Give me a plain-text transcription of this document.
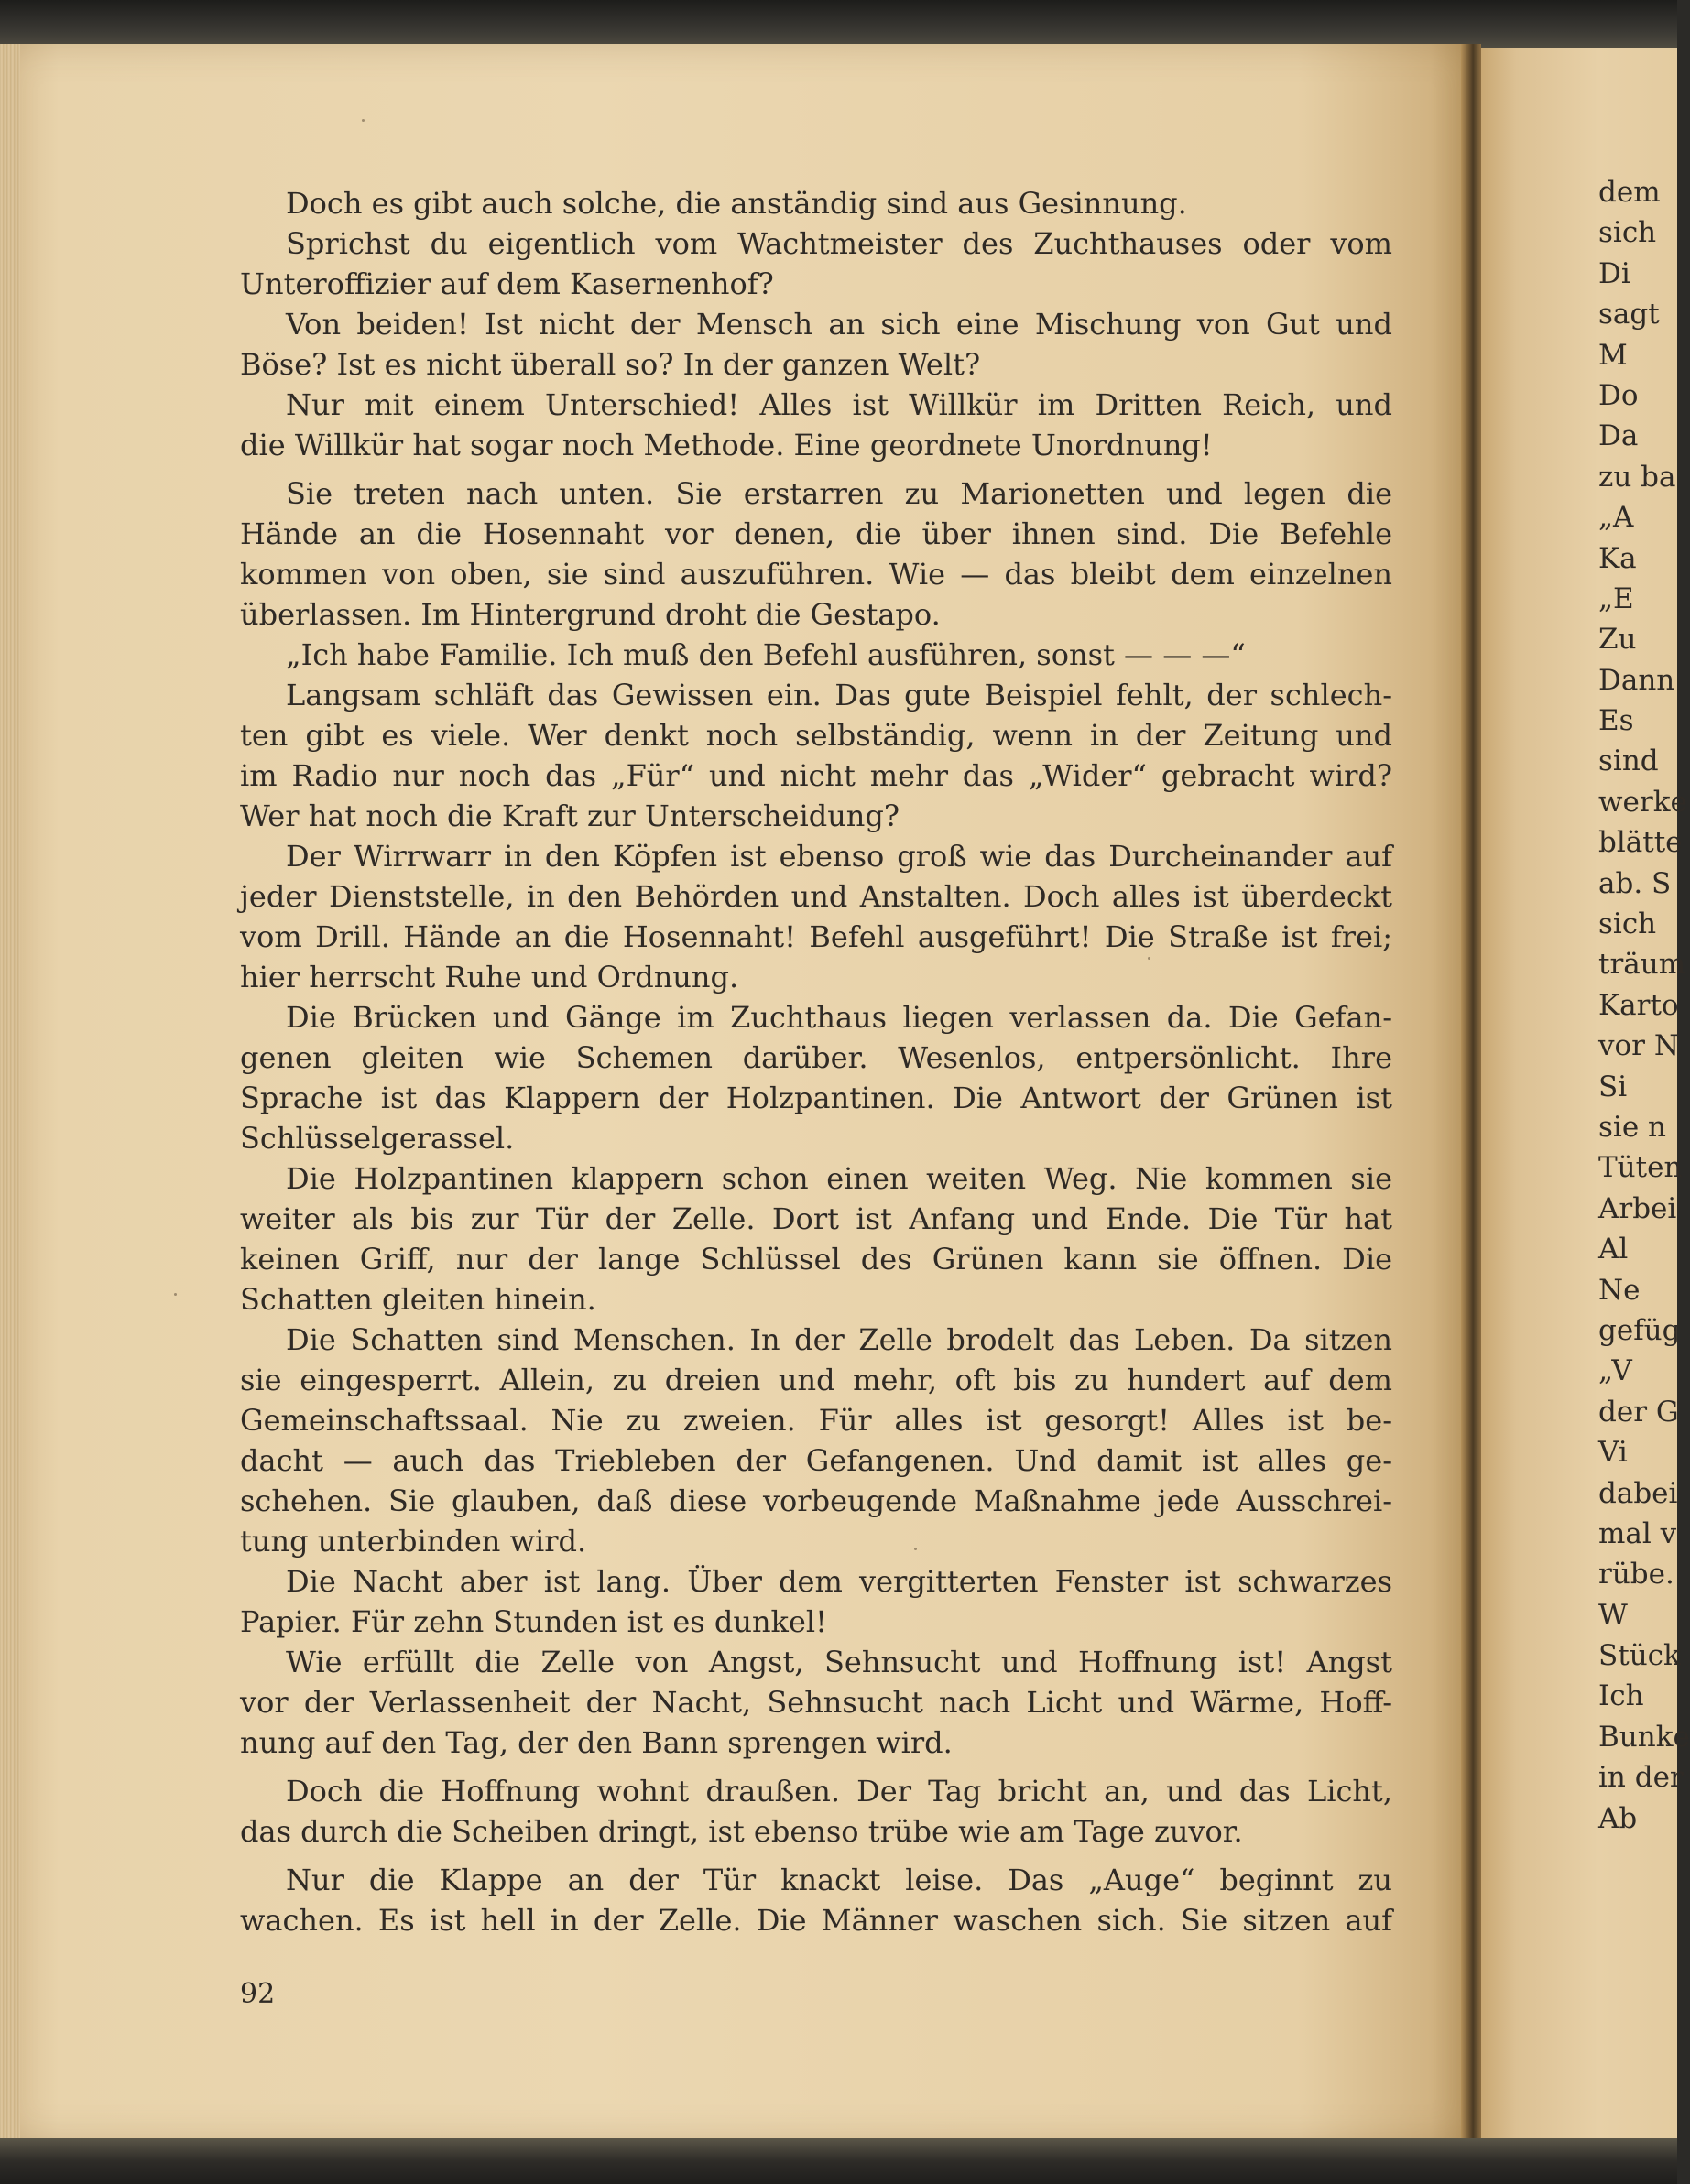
Doch es gibt auch solche, die anständig sind aus Gesinnung.
Sprichst du eigentlich vom Wachtmeister des Zuchthauses oder vom
Unteroffizier auf dem Kasernenhof?
Von beiden! Ist nicht der Mensch an sich eine Mischung von Gut und
Böse? Ist es nicht überall so? In der ganzen Welt?
Nur mit einem Unterschied! Alles ist Willkür im Dritten Reich, und
die Willkür hat sogar noch Methode. Eine geordnete Unordnung!
Sie treten nach unten. Sie erstarren zu Marionetten und legen die
Hände an die Hosennaht vor denen, die über ihnen sind. Die Befehle
kommen von oben, sie sind auszuführen. Wie — das bleibt dem einzelnen
überlassen. Im Hintergrund droht die Gestapo.
„Ich habe Familie. Ich muß den Befehl ausführen, sonst — — —“
Langsam schläft das Gewissen ein. Das gute Beispiel fehlt, der schlech-
ten gibt es viele. Wer denkt noch selbständig, wenn in der Zeitung und
im Radio nur noch das „Für“ und nicht mehr das „Wider“ gebracht wird?
Wer hat noch die Kraft zur Unterscheidung?
Der Wirrwarr in den Köpfen ist ebenso groß wie das Durcheinander auf
jeder Dienststelle, in den Behörden und Anstalten. Doch alles ist überdeckt
vom Drill. Hände an die Hosennaht! Befehl ausgeführt! Die Straße ist frei;
hier herrscht Ruhe und Ordnung.
Die Brücken und Gänge im Zuchthaus liegen verlassen da. Die Gefan-
genen gleiten wie Schemen darüber. Wesenlos, entpersönlicht. Ihre
Sprache ist das Klappern der Holzpantinen. Die Antwort der Grünen ist
Schlüsselgerassel.
Die Holzpantinen klappern schon einen weiten Weg. Nie kommen sie
weiter als bis zur Tür der Zelle. Dort ist Anfang und Ende. Die Tür hat
keinen Griff, nur der lange Schlüssel des Grünen kann sie öffnen. Die
Schatten gleiten hinein.
Die Schatten sind Menschen. In der Zelle brodelt das Leben. Da sitzen
sie eingesperrt. Allein, zu dreien und mehr, oft bis zu hundert auf dem
Gemeinschaftssaal. Nie zu zweien. Für alles ist gesorgt! Alles ist be-
dacht — auch das Triebleben der Gefangenen. Und damit ist alles ge-
schehen. Sie glauben, daß diese vorbeugende Maßnahme jede Ausschrei-
tung unterbinden wird.
Die Nacht aber ist lang. Über dem vergitterten Fenster ist schwarzes
Papier. Für zehn Stunden ist es dunkel!
Wie erfüllt die Zelle von Angst, Sehnsucht und Hoffnung ist! Angst
vor der Verlassenheit der Nacht, Sehnsucht nach Licht und Wärme, Hoff-
nung auf den Tag, der den Bann sprengen wird.
Doch die Hoffnung wohnt draußen. Der Tag bricht an, und das Licht,
das durch die Scheiben dringt, ist ebenso trübe wie am Tage zuvor.
Nur die Klappe an der Tür knackt leise. Das „Auge“ beginnt zu
wachen. Es ist hell in der Zelle. Die Männer waschen sich. Sie sitzen auf
92
dem
sich
Di
sagt
M
Do
Da
zu ba
„A
Ka
„E
Zu
Dann
Es
sind
werke
blätte
ab. S
sich
träum
Karto
vor N
Si
sie n
Tüten
Arbei
Al
Ne
gefüg
„V
der G
Vi
dabei
mal v
rübe.
W
Stück
Ich
Bunke
in der
Ab
